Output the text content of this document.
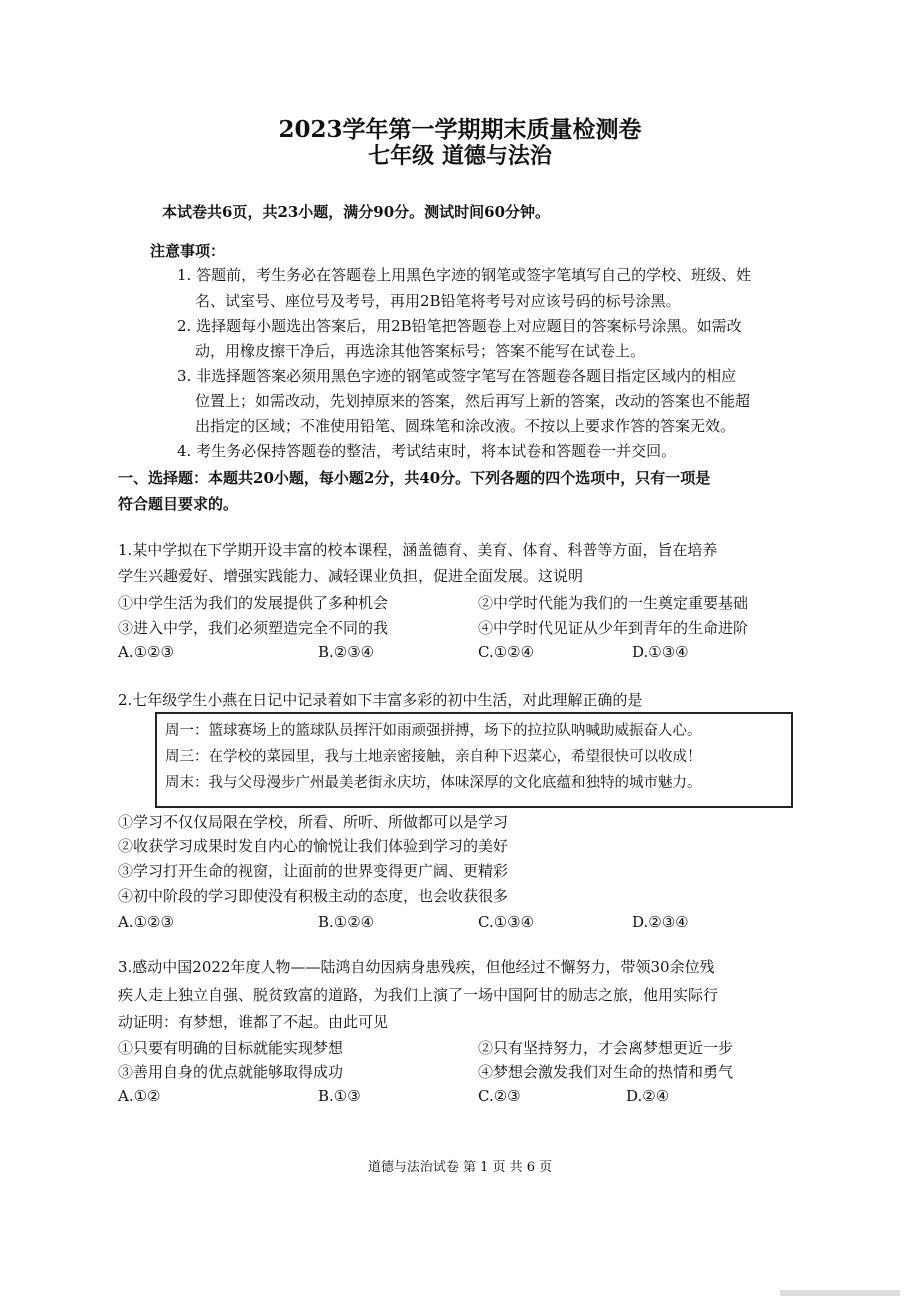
2023学年第一学期期末质量检测卷
七年级 道德与法治
本试卷共6页，共23小题，满分90分。测试时间60分钟。
注意事项：
1. 答题前，考生务必在答题卷上用黑色字迹的钢笔或签字笔填写自己的学校、班级、姓
名、试室号、座位号及考号，再用2B铅笔将考号对应该号码的标号涂黑。
2. 选择题每小题选出答案后，用2B铅笔把答题卷上对应题目的答案标号涂黑。如需改
动，用橡皮擦干净后，再选涂其他答案标号；答案不能写在试卷上。
3. 非选择题答案必须用黑色字迹的钢笔或签字笔写在答题卷各题目指定区域内的相应
位置上；如需改动，先划掉原来的答案，然后再写上新的答案，改动的答案也不能超
出指定的区域；不准使用铅笔、圆珠笔和涂改液。不按以上要求作答的答案无效。
4. 考生务必保持答题卷的整洁，考试结束时，将本试卷和答题卷一并交回。
一、选择题：本题共20小题，每小题2分，共40分。下列各题的四个选项中，只有一项是
符合题目要求的。
1.某中学拟在下学期开设丰富的校本课程，涵盖德育、美育、体育、科普等方面，旨在培养
学生兴趣爱好、增强实践能力、减轻课业负担，促进全面发展。这说明
①中学生活为我们的发展提供了多种机会	②中学时代能为我们的一生奠定重要基础
③进入中学，我们必须塑造完全不同的我	④中学时代见证从少年到青年的生命进阶
A.①②③	B.②③④	C.①②④	D.①③④
2.七年级学生小燕在日记中记录着如下丰富多彩的初中生活，对此理解正确的是
周一：篮球赛场上的篮球队员挥汗如雨顽强拼搏，场下的拉拉队呐喊助威振奋人心。
周三：在学校的菜园里，我与土地亲密接触，亲自种下迟菜心，希望很快可以收成！
周末：我与父母漫步广州最美老街永庆坊，体味深厚的文化底蕴和独特的城市魅力。
①学习不仅仅局限在学校，所看、所听、所做都可以是学习
②收获学习成果时发自内心的愉悦让我们体验到学习的美好
③学习打开生命的视窗，让面前的世界变得更广阔、更精彩
④初中阶段的学习即使没有积极主动的态度，也会收获很多
A.①②③	B.①②④	C.①③④	D.②③④
3.感动中国2022年度人物——陆鸿自幼因病身患残疾，但他经过不懈努力，带领30余位残
疾人走上独立自强、脱贫致富的道路，为我们上演了一场中国阿甘的励志之旅，他用实际行
动证明：有梦想，谁都了不起。由此可见
①只要有明确的目标就能实现梦想	②只有坚持努力，才会离梦想更近一步
③善用自身的优点就能够取得成功	④梦想会激发我们对生命的热情和勇气
A.①②	B.①③	C.②③	D.②④
道德与法治试卷 第 1 页 共 6 页
